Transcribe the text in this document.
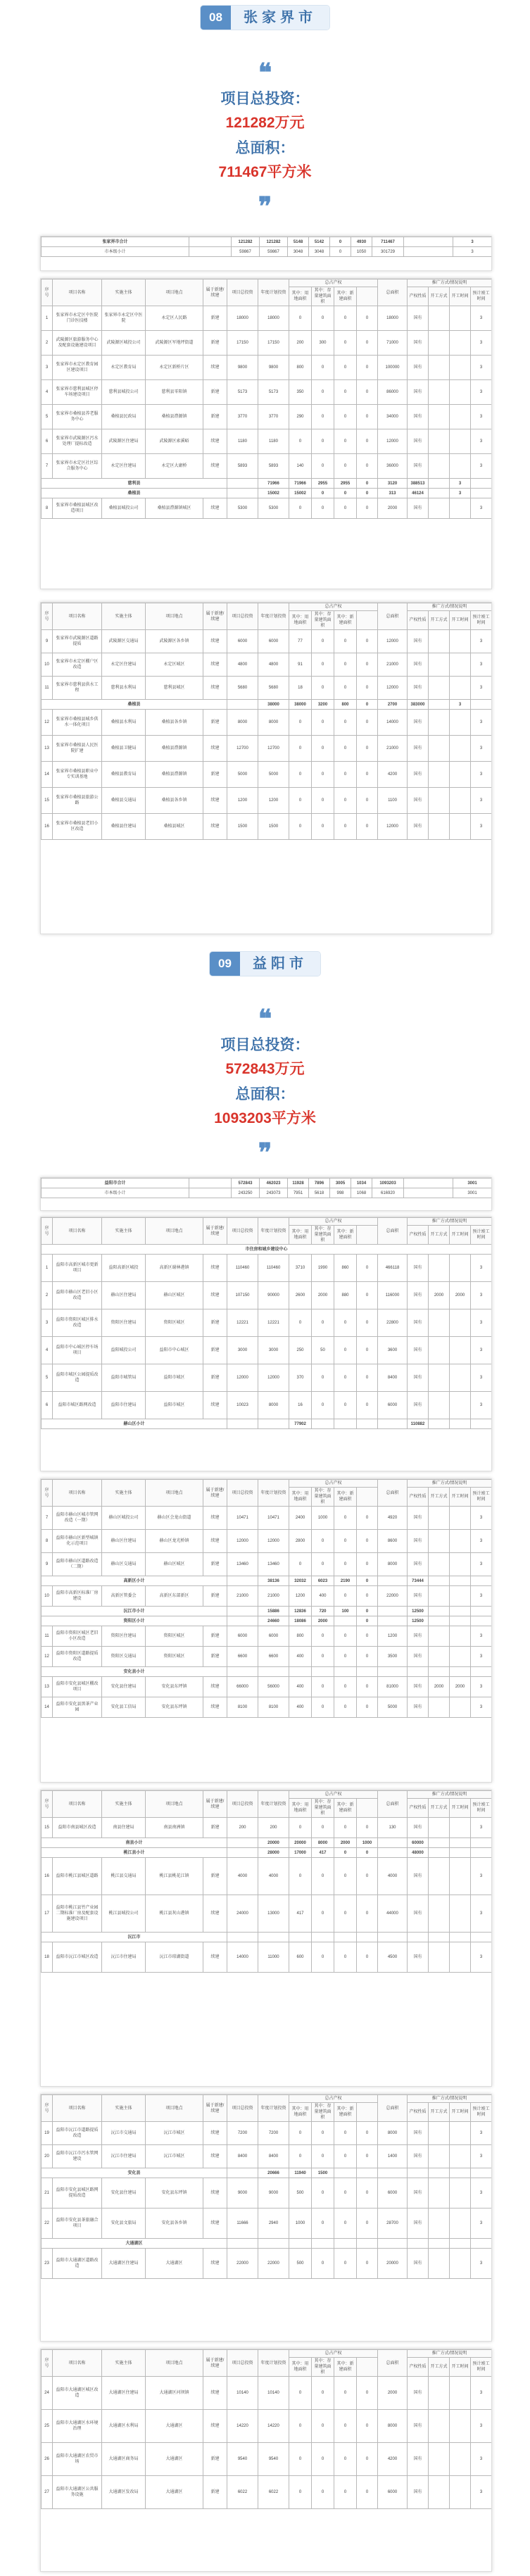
08	张家界市
❝
项目总投资：
121282万元
总面积：
711467平方米
❝
张家界市合计		121282	121282	5148	5142	0	4930	711467		3
市本级小计		59867	59867	3048	3048	0	1050	301729		3
序号	项目名称	实施主体	项目地点	属于新建/续建	项目总投资	年度计划投资	总占产权				总面积	推广方式/情况说明			
							其中：用地面积	其中：存量建筑面积	其中：新建面积			产权性质	开工方式	开工时间	预计竣工时间
1	张家界市永定区中医院门诊医技楼	张家界市永定区中医院	永定区人民路	新建	18000	18000	0	0	0	0	18000	国有			3
2	武陵源区旅游服务中心及配套设施建设项目	武陵源区城投公司	武陵源区军地坪街道	新建	17150	17150	200	300	0	0	71000	国有			3
3	张家界市永定区教育园区建设项目	永定区教育局	永定区新桥片区	续建	9800	9800	800	0	0	0	100000	国有			3
4	张家界市慈利县城区停车场建设项目	慈利县城投公司	慈利县零阳镇	新建	5173	5173	350	0	0	0	86000	国有			3
5	张家界市桑植县养老服务中心	桑植县民政局	桑植县澧源镇	新建	3770	3770	290	0	0	0	34000	国有			3
6	张家界市武陵源区污水处理厂提标改造	武陵源区住建局	武陵源区索溪峪	续建	1180	1180	0	0	0	0	12000	国有			3
7	张家界市永定区社区综合服务中心	永定区住建局	永定区大庸桥	续建	5893	5893	140	0	0	0	36000	国有			3
慈利县						71966	71966	2955	2955	0	3120	388513		3	
桑植县						15002	15002	0	0	0	313	46124		3	
8	张家界市桑植县城区改造项目	桑植县城投公司	桑植县澧源镇城区	续建	5300	5300	0	0	0	0	2000	国有			3
序号	项目名称	实施主体	项目地点	属于新建/续建	项目总投资	年度计划投资	总占产权				总面积	推广方式/情况说明			
							其中：用地面积	其中：存量建筑面积	其中：新建面积			产权性质	开工方式	开工时间	预计竣工时间
9	张家界市武陵源区道路提质	武陵源区交通局	武陵源区各乡镇	续建	6000	6000	77	0	0	0	12000	国有			3
10	张家界市永定区棚户区改造	永定区住建局	永定区城区	续建	4800	4800	91	0	0	0	21000	国有			3
11	张家界市慈利县供水工程	慈利县水利局	慈利县城区	续建	5680	5680	18	0	0	0	12000	国有			3
桑植县						38000	38000	3200	800	0	2700	383000		3	
12	张家界市桑植县城乡供水一体化项目	桑植县水利局	桑植县各乡镇	新建	8000	8000	0	0	0	0	14000	国有			3
13	张家界市桑植县人民医院扩建	桑植县卫健局	桑植县澧源镇	续建	12700	12700	0	0	0	0	21000	国有			3
14	张家界市桑植县职业中专实训基地	桑植县教育局	桑植县澧源镇	新建	5000	5000	0	0	0	0	4200	国有			3
15	张家界市桑植县旅游公路	桑植县交通局	桑植县各乡镇	续建	1200	1200	0	0	0	0	1100	国有			3
16	张家界市桑植县老旧小区改造	桑植县住建局	桑植县城区	续建	1500	1500	0	0	0	0	12000	国有			3
09	益阳市
❝
项目总投资：
572843万元
总面积：
1093203平方米
❝
益阳市合计		572843	462023	11928	7896	3005	1034	1093203		3001
市本级小计		243250	243073	7951	5618	998	1068	616920		3001
序号	项目名称	实施主体	项目地点	属于新建/续建	项目总投资	年度计划投资	总占产权				总面积	推广方式/情况说明			
							其中：用地面积	其中：存量建筑面积	其中：新建面积			产权性质	开工方式	开工时间	预计竣工时间
市住房和城乡建设中心															
1	益阳市高新区城市更新项目	益阳高新区城投	高新区谢林港镇	续建	110460	110460	3710	1990	860	0	466118	国有			3
2	益阳市赫山区老旧小区改造	赫山区住建局	赫山区城区	续建	107150	90000	2600	2000	880	0	116000	国有	2000	2000	3
3	益阳市资阳区城区排水改造	资阳区住建局	资阳区城区	新建	12221	12221	0	0	0	0	22800	国有			3
4	益阳市中心城区停车场项目	益阳城投公司	益阳市中心城区	新建	3000	3000	250	50	0	0	3600	国有			3
5	益阳市城区公园提质改造	益阳市城管局	益阳市城区	新建	12000	12000	370	0	0	0	8400	国有			3
6	益阳市城区路网改造	益阳市住建局	益阳市城区	续建	10023	8000	16	0	0	0	6000	国有			3
赫山区小计							77902					110882			
序号	项目名称	实施主体	项目地点	属于新建/续建	项目总投资	年度计划投资	总占产权				总面积	推广方式/情况说明			
							其中：用地面积	其中：存量建筑面积	其中：新建面积			产权性质	开工方式	开工时间	预计竣工时间
7	益阳市赫山区城市管网改造（一期）	赫山区城投公司	赫山区会龙山街道	续建	10471	10471	2400	1000	0	0	4920	国有			3
8	益阳市赫山区新型城镇化示范项目	赫山区住建局	赫山区龙光桥镇	续建	12000	12000	2800	0	0	0	8600	国有			3
9	益阳市赫山区道路改造（二期）	赫山区交通局	赫山区城区	新建	13460	13460	0	0	0	0	8000	国有			3
高新区小计						38136	32032	6023	2190	0		73444			
10	益阳市高新区标准厂房建设	高新区管委会	高新区东部新区	新建	21000	21000	1200	400	0	0	22000	国有			3
沅江市小计						15886	12836	720	100	0		12500			
资阳区小计						24660	18086	2000		0		12500			
11	益阳市资阳区城区老旧小区改造	资阳区住建局	资阳区城区	新建	6000	6000	800	0	0	0	1200	国有			3
12	益阳市资阳区道路提质改造	资阳区交通局	资阳区城区	新建	6600	6600	400	0	0	0	3500	国有			3
安化县小计															
13	益阳市安化县城区棚改项目	安化县住建局	安化县东坪镇	续建	66000	56000	400	0	0	0	81000	国有	2000	2000	3
14	益阳市安化县黑茶产业园	安化县工信局	安化县东坪镇	续建	8100	8100	400	0	0	0	5000	国有			3
序号	项目名称	实施主体	项目地点	属于新建/续建	项目总投资	年度计划投资	总占产权				总面积	推广方式/情况说明			
							其中：用地面积	其中：存量建筑面积	其中：新建面积			产权性质	开工方式	开工时间	预计竣工时间
15	益阳市南县城区改造	南县住建局	南县南洲镇	新建	200	200	0	0	0	0	130	国有			3
南县小计						20000	20000	8000	2000	1000		60000			
桃江县小计						28000	17000	417	0	0		48000			
16	益阳市桃江县城区道路	桃江县交通局	桃江县桃花江镇	新建	4000	4000	0	0	0	0	4000	国有			3
17	益阳市桃江县竹产业园二期标准厂房及配套设施建设项目	桃江县城投公司	桃江县灰山港镇	续建	24000	13000	417	0	0	0	44000	国有			3
沅江市															
18	益阳市沅江市城区改造	沅江市住建局	沅江市琼湖街道	续建	14000	11000	600	0	0	0	4500	国有			3
序号	项目名称	实施主体	项目地点	属于新建/续建	项目总投资	年度计划投资	总占产权				总面积	推广方式/情况说明			
							其中：用地面积	其中：存量建筑面积	其中：新建面积			产权性质	开工方式	开工时间	预计竣工时间
19	益阳市沅江市道路提质改造	沅江市交通局	沅江市城区	续建	7200	7200	0	0	0	0	8000	国有			3
20	益阳市沅江市污水管网建设	沅江市住建局	沅江市城区	续建	8400	8400	0	0	0	0	1400	国有			3
安化县						20666	11940	1500							
21	益阳市安化县城区路网提质改造	安化县住建局	安化县东坪镇	续建	9000	9000	500	0	0	0	6000	国有			3
22	益阳市安化县茶旅融合项目	安化县文旅局	安化县各乡镇	续建	11666	2940	1000	0	0	0	28700	国有			3
大通湖区															
23	益阳市大通湖区道路改造	大通湖区住建局	大通湖区	续建	22000	22000	500	0	0	0	20000	国有			3
序号	项目名称	实施主体	项目地点	属于新建/续建	项目总投资	年度计划投资	总占产权				总面积	推广方式/情况说明			
							其中：用地面积	其中：存量建筑面积	其中：新建面积			产权性质	开工方式	开工时间	预计竣工时间
24	益阳市大通湖区城区改造	大通湖区住建局	大通湖区河坝镇	续建	10140	10140	0	0	0	0	2000	国有			3
25	益阳市大通湖区水环境治理	大通湖区水利局	大通湖区	续建	14220	14220	0	0	0	0	8000	国有			3
26	益阳市大通湖区农贸市场	大通湖区商务局	大通湖区	新建	9540	9540	0	0	0	0	4200	国有			3
27	益阳市大通湖区公共服务设施	大通湖区发改局	大通湖区	新建	6022	6022	0	0	0	0	6000	国有			3
